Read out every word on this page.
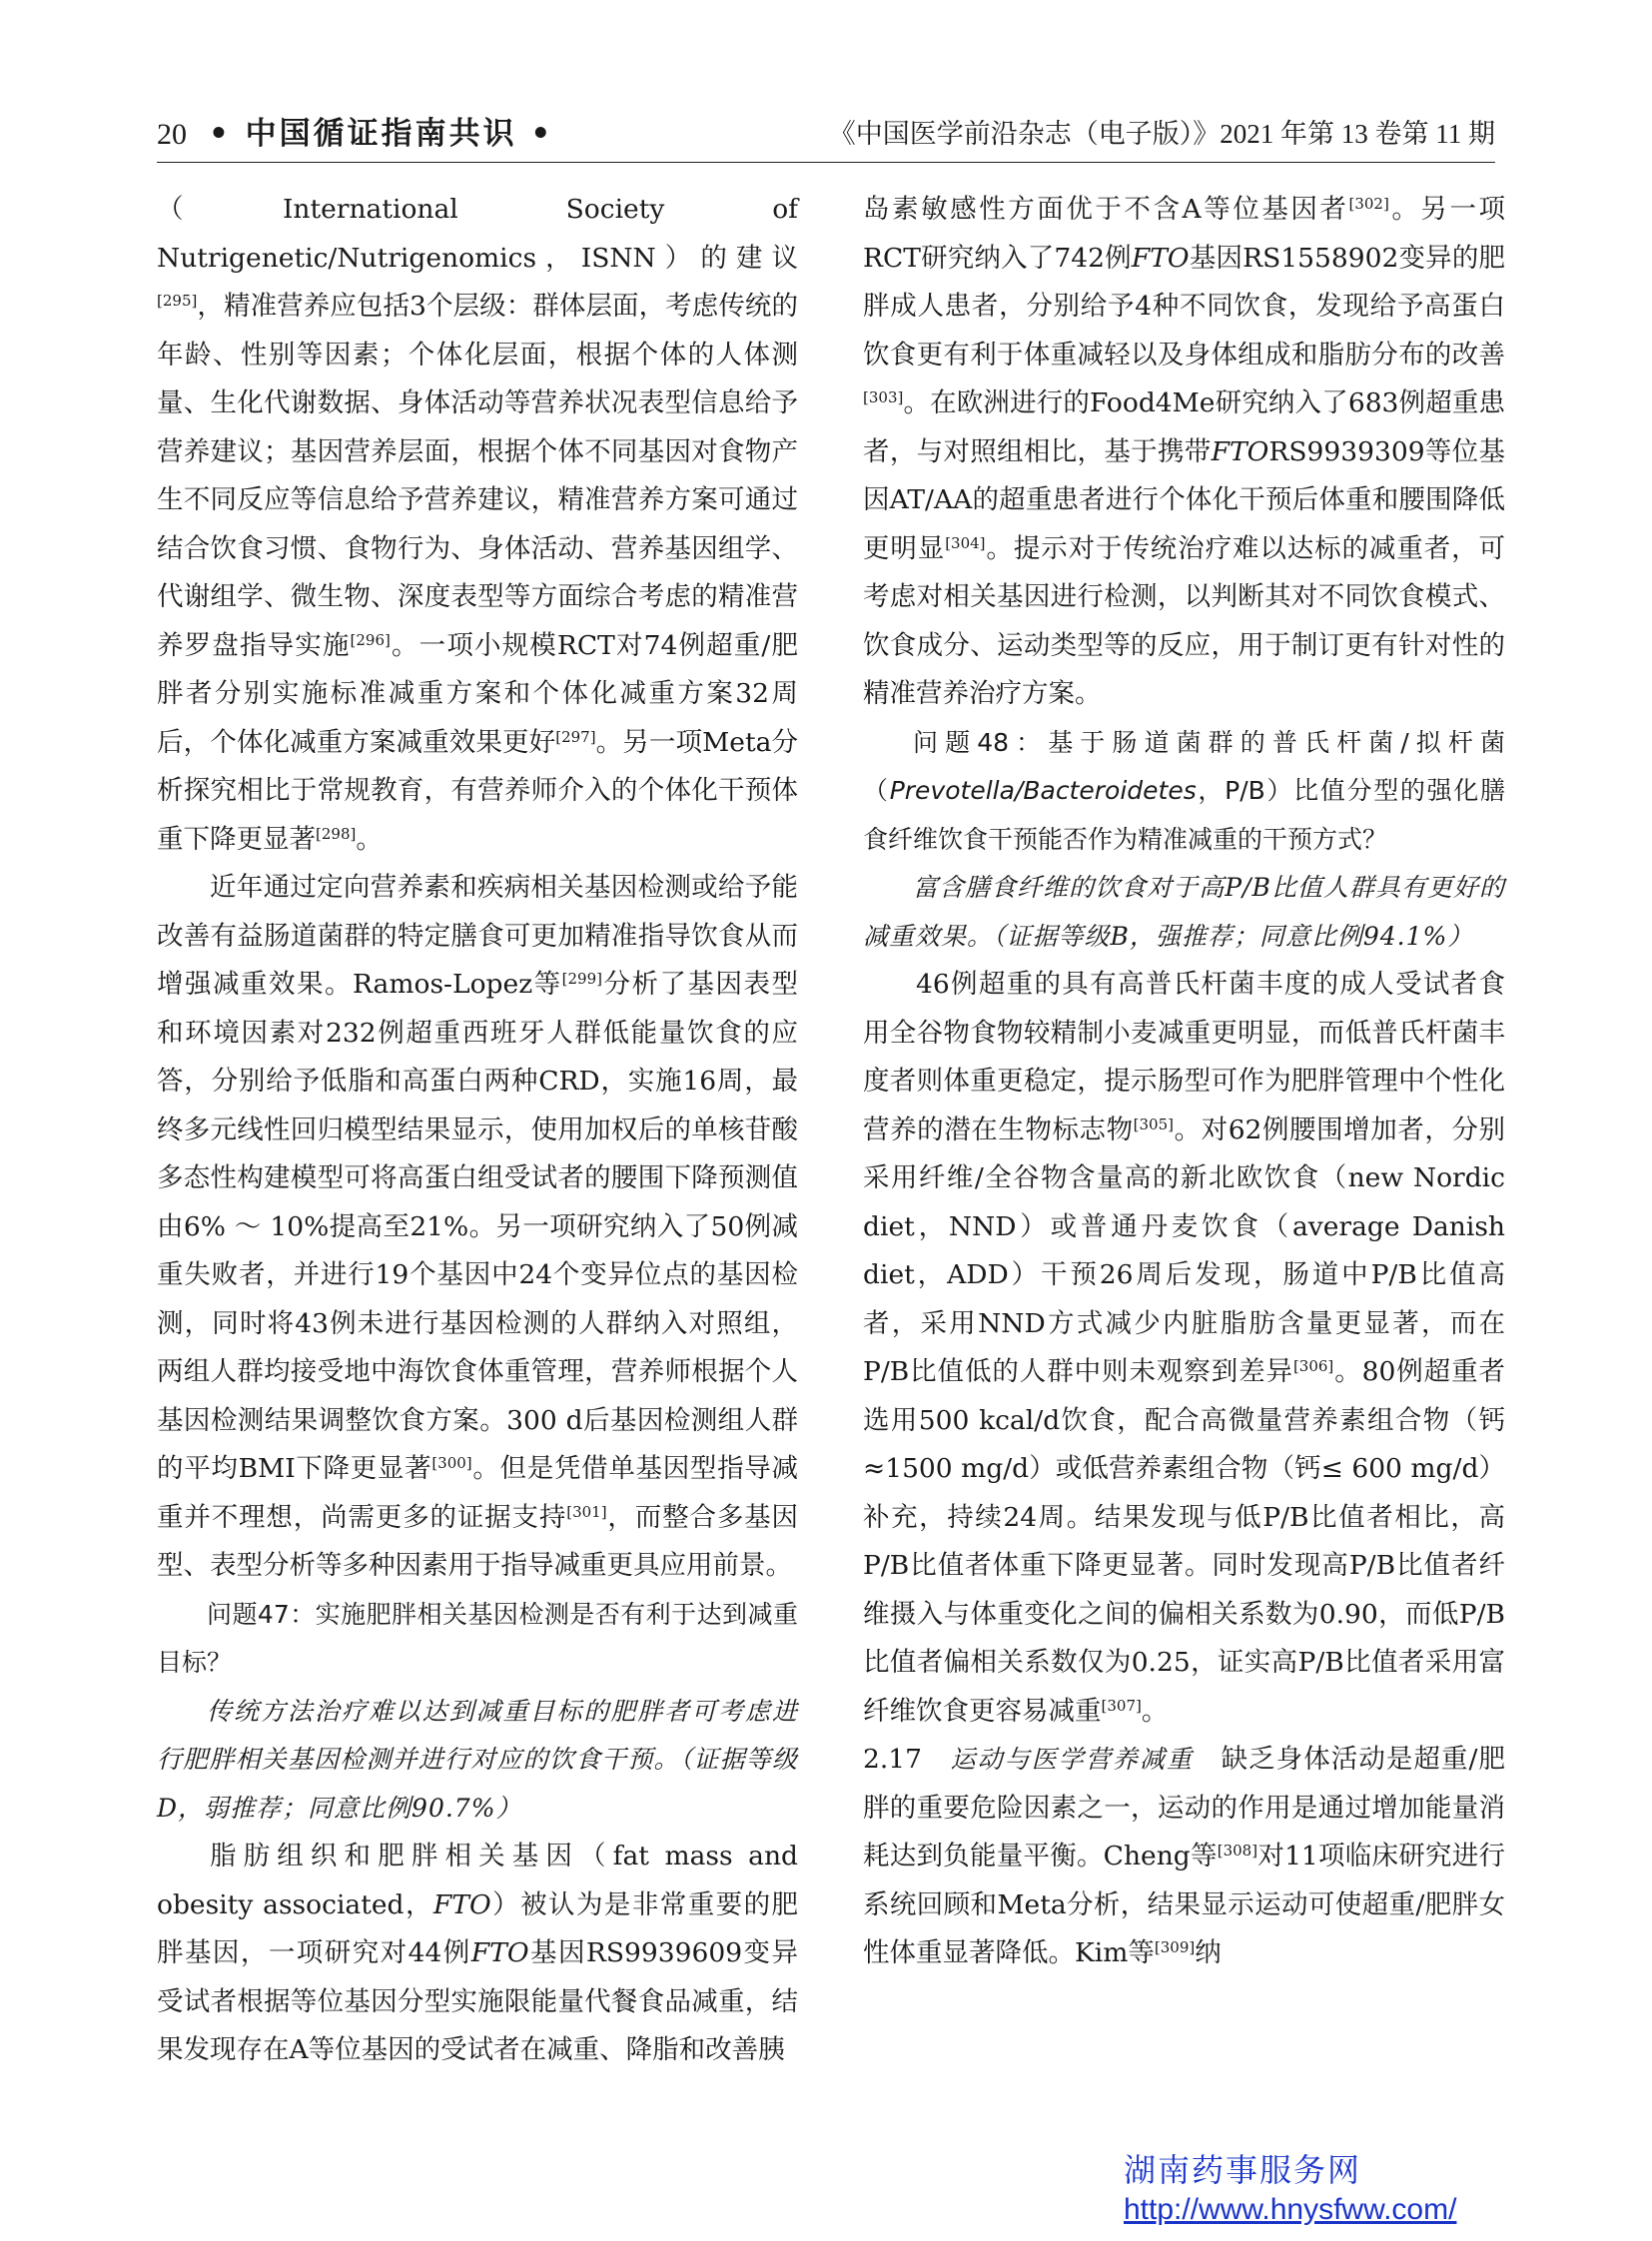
20 • 中国循证指南共识 •	《中国医学前沿杂志（电子版）》2021 年第 13 卷第 11 期

（International Society of Nutrigenetic/Nutrigenomics，ISNN）的建议[295]，精准营养应包括3个层级：群体层面，考虑传统的年龄、性别等因素；个体化层面，根据个体的人体测量、生化代谢数据、身体活动等营养状况表型信息给予营养建议；基因营养层面，根据个体不同基因对食物产生不同反应等信息给予营养建议，精准营养方案可通过结合饮食习惯、食物行为、身体活动、营养基因组学、代谢组学、微生物、深度表型等方面综合考虑的精准营养罗盘指导实施[296]。一项小规模RCT对74例超重/肥胖者分别实施标准减重方案和个体化减重方案32周后，个体化减重方案减重效果更好[297]。另一项Meta分析探究相比于常规教育，有营养师介入的个体化干预体重下降更显著[298]。

近年通过定向营养素和疾病相关基因检测或给予能改善有益肠道菌群的特定膳食可更加精准指导饮食从而增强减重效果。Ramos-Lopez等[299]分析了基因表型和环境因素对232例超重西班牙人群低能量饮食的应答，分别给予低脂和高蛋白两种CRD，实施16周，最终多元线性回归模型结果显示，使用加权后的单核苷酸多态性构建模型可将高蛋白组受试者的腰围下降预测值由6% ～ 10%提高至21%。另一项研究纳入了50例减重失败者，并进行19个基因中24个变异位点的基因检测，同时将43例未进行基因检测的人群纳入对照组，两组人群均接受地中海饮食体重管理，营养师根据个人基因检测结果调整饮食方案。300 d后基因检测组人群的平均BMI下降更显著[300]。但是凭借单基因型指导减重并不理想，尚需更多的证据支持[301]，而整合多基因型、表型分析等多种因素用于指导减重更具应用前景。

问题47：实施肥胖相关基因检测是否有利于达到减重目标？

传统方法治疗难以达到减重目标的肥胖者可考虑进行肥胖相关基因检测并进行对应的饮食干预。（证据等级D，弱推荐；同意比例90.7%）

脂肪组织和肥胖相关基因（fat mass and obesity associated，FTO）被认为是非常重要的肥胖基因，一项研究对44例FTO基因RS9939609变异受试者根据等位基因分型实施限能量代餐食品减重，结果发现存在A等位基因的受试者在减重、降脂和改善胰

岛素敏感性方面优于不含A等位基因者[302]。另一项RCT研究纳入了742例FTO基因RS1558902变异的肥胖成人患者，分别给予4种不同饮食，发现给予高蛋白饮食更有利于体重减轻以及身体组成和脂肪分布的改善[303]。在欧洲进行的Food4Me研究纳入了683例超重患者，与对照组相比，基于携带FTORS9939309等位基因AT/AA的超重患者进行个体化干预后体重和腰围降低更明显[304]。提示对于传统治疗难以达标的减重者，可考虑对相关基因进行检测，以判断其对不同饮食模式、饮食成分、运动类型等的反应，用于制订更有针对性的精准营养治疗方案。

问题48：基于肠道菌群的普氏杆菌/拟杆菌（Prevotella/Bacteroidetes，P/B）比值分型的强化膳食纤维饮食干预能否作为精准减重的干预方式？

富含膳食纤维的饮食对于高P/B比值人群具有更好的减重效果。（证据等级B，强推荐；同意比例94.1%）

46例超重的具有高普氏杆菌丰度的成人受试者食用全谷物食物较精制小麦减重更明显，而低普氏杆菌丰度者则体重更稳定，提示肠型可作为肥胖管理中个性化营养的潜在生物标志物[305]。对62例腰围增加者，分别采用纤维/全谷物含量高的新北欧饮食（new Nordic diet，NND）或普通丹麦饮食（average Danish diet，ADD）干预26周后发现，肠道中P/B比值高者，采用NND方式减少内脏脂肪含量更显著，而在P/B比值低的人群中则未观察到差异[306]。80例超重者选用500 kcal/d饮食，配合高微量营养素组合物（钙≈1500 mg/d）或低营养素组合物（钙≤ 600 mg/d）补充，持续24周。结果发现与低P/B比值者相比，高P/B比值者体重下降更显著。同时发现高P/B比值者纤维摄入与体重变化之间的偏相关系数为0.90，而低P/B比值者偏相关系数仅为0.25，证实高P/B比值者采用富纤维饮食更容易减重[307]。

2.17　 运动与医学营养减重　 缺乏身体活动是超重/肥胖的重要危险因素之一，运动的作用是通过增加能量消耗达到负能量平衡。Cheng等[308]对11项临床研究进行系统回顾和Meta分析，结果显示运动可使超重/肥胖女性体重显著降低。Kim等[309]纳

湖南药事服务网
http://www.hnysfww.com/
